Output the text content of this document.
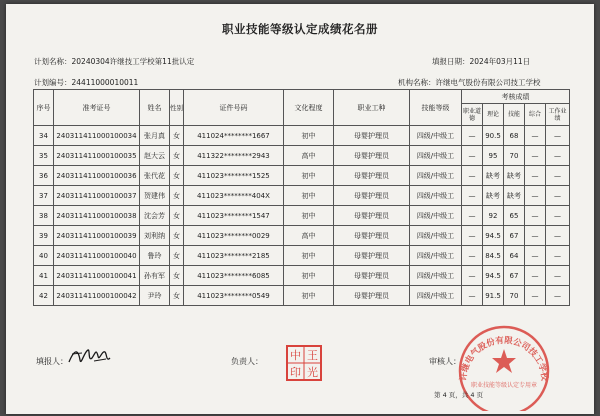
职业技能等级认定成绩花名册
计划名称：20240304许继技工学校第11批认定	填报日期：2024年03月11日
计划编号：24411000010011	机构名称：许继电气股份有限公司技工学校
序号	准考证号	姓名	性别	证件号码	文化程度	职业工种	技能等级	考核成绩				
								职业道德	理论	技能	综合	工作业绩
34	240311411000100034	张月真	女	411024********1667	初中	母婴护理员	四级/中级工	—	90.5	68	—	—
35	240311411000100035	赵大云	女	411322********2943	高中	母婴护理员	四级/中级工	—	95	70	—	—
36	240311411000100036	张代花	女	411023********1525	初中	母婴护理员	四级/中级工	—	缺考	缺考	—	—
37	240311411000100037	贺建伟	女	411023********404X	初中	母婴护理员	四级/中级工	—	缺考	缺考	—	—
38	240311411000100038	沈会芳	女	411023********1547	初中	母婴护理员	四级/中级工	—	92	65	—	—
39	240311411000100039	刘利纳	女	411023********0029	高中	母婴护理员	四级/中级工	—	94.5	67	—	—
40	240311411000100040	鲁玲	女	411023********2185	初中	母婴护理员	四级/中级工	—	84.5	64	—	—
41	240311411000100041	孙有军	女	411023********6085	初中	母婴护理员	四级/中级工	—	94.5	67	—	—
42	240311411000100042	尹玲	女	411023********0549	初中	母婴护理员	四级/中级工	—	91.5	70	—	—
填报人：	负责人： 中 王
印 光
审核人：
许继电气股份有限公司技工学校
职业技能等级认定专用章
第 4 页，共 4 页
